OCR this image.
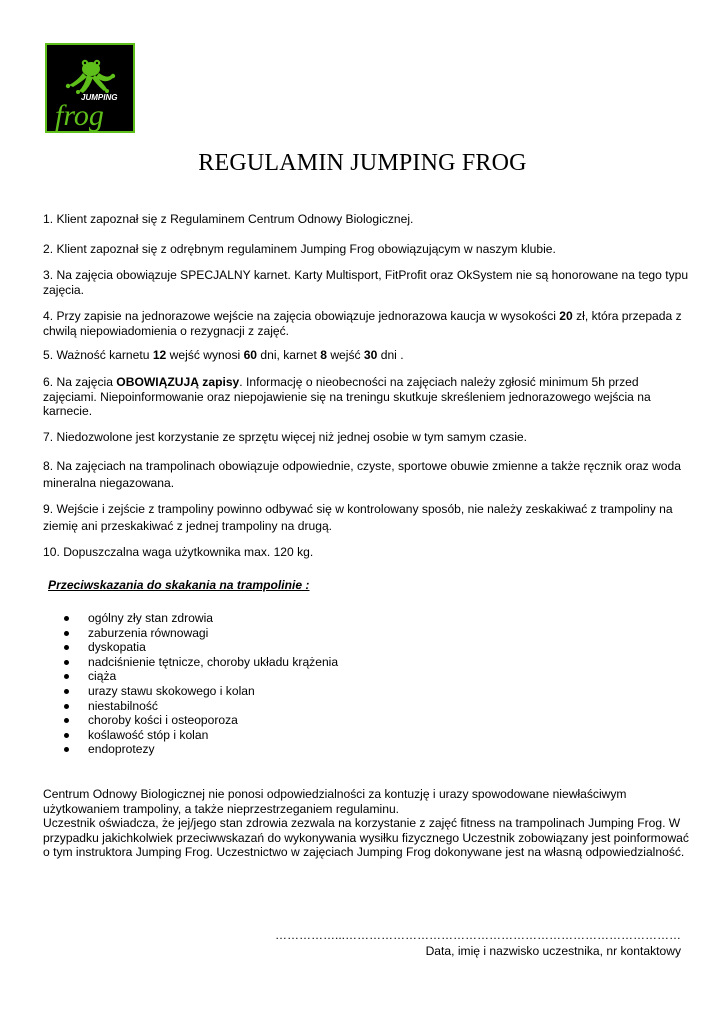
JUMPING
frog
REGULAMIN JUMPING FROG

1. Klient zapoznał się z Regulaminem Centrum Odnowy Biologicznej.

2. Klient zapoznał się z odrębnym regulaminem Jumping Frog obowiązującym w naszym klubie.

3. Na zajęcia obowiązuje SPECJALNY karnet. Karty Multisport, FitProfit oraz OkSystem nie są honorowane na tego typu zajęcia.

4. Przy zapisie na jednorazowe wejście na zajęcia obowiązuje jednorazowa kaucja w wysokości 20 zł, która przepada z chwilą niepowiadomienia o rezygnacji z zajęć.

5. Ważność karnetu 12 wejść wynosi 60 dni, karnet 8 wejść 30 dni .

6. Na zajęcia OBOWIĄZUJĄ zapisy. Informację o nieobecności na zajęciach należy zgłosić minimum 5h przed zajęciami. Niepoinformowanie oraz niepojawienie się na treningu skutkuje skreśleniem jednorazowego wejścia na karnecie.

7. Niedozwolone jest korzystanie ze sprzętu więcej niż jednej osobie w tym samym czasie.

8. Na zajęciach na trampolinach obowiązuje odpowiednie, czyste, sportowe obuwie zmienne a także ręcznik oraz woda mineralna niegazowana.

9. Wejście i zejście z trampoliny powinno odbywać się w kontrolowany sposób, nie należy zeskakiwać z trampoliny na ziemię ani przeskakiwać z jednej trampoliny na drugą.

10. Dopuszczalna waga użytkownika max. 120 kg.

Przeciwskazania do skakania na trampolinie :
ogólny zły stan zdrowia
zaburzenia równowagi
dyskopatia
nadciśnienie tętnicze, choroby układu krążenia
ciąża
urazy stawu skokowego i kolan
niestabilność
choroby kości i osteoporoza
koślawość stóp i kolan
endoprotezy

Centrum Odnowy Biologicznej nie ponosi odpowiedzialności za kontuzję i urazy spowodowane niewłaściwym użytkowaniem trampoliny, a także nieprzestrzeganiem regulaminu.

Uczestnik oświadcza, że jej/jego stan zdrowia zezwala na korzystanie z zajęć fitness na trampolinach Jumping Frog. W przypadku jakichkolwiek przeciwwskazań do wykonywania wysiłku fizycznego Uczestnik zobowiązany jest poinformować o tym instruktora Jumping Frog. Uczestnictwo w zajęciach Jumping Frog dokonywane jest na własną odpowiedzialność.

……………...…………………………………………………………………………
Data, imię i nazwisko uczestnika, nr kontaktowy
